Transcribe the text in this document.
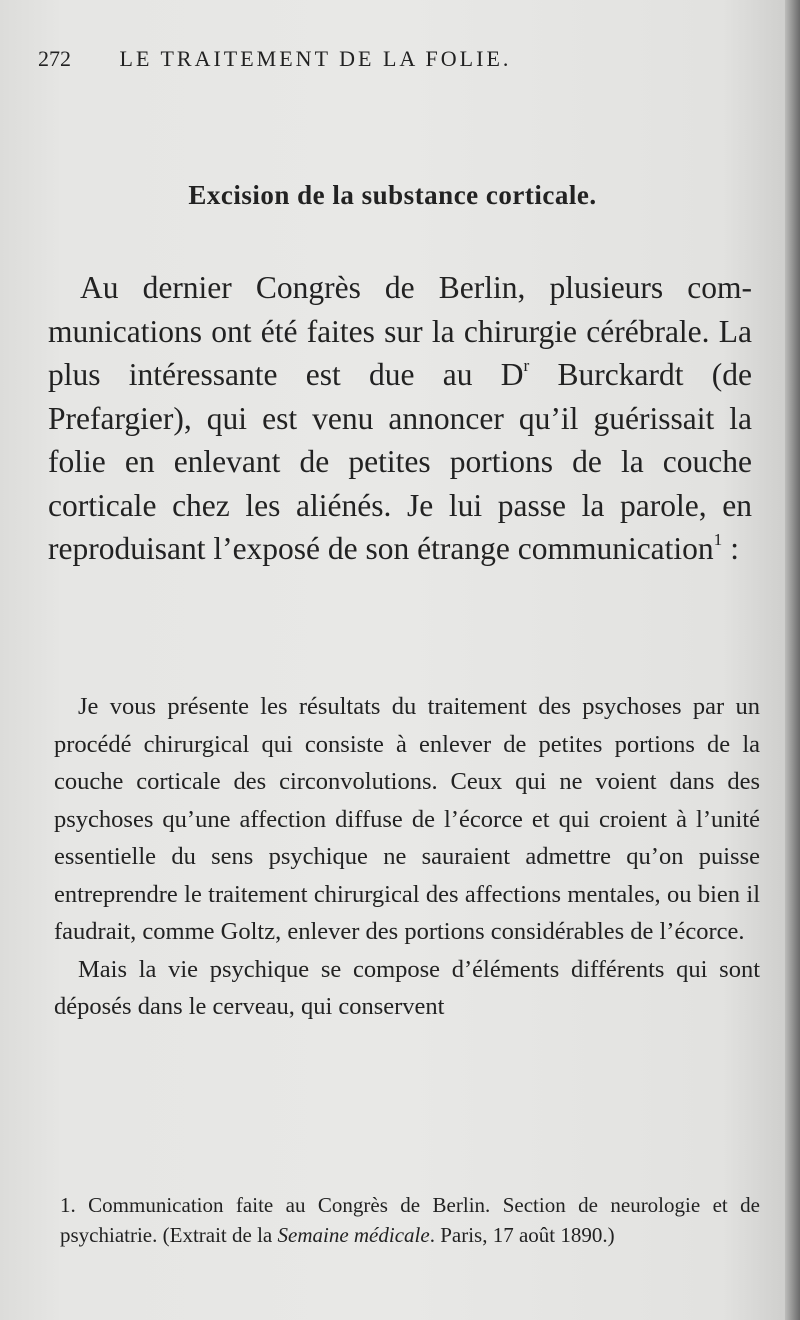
272 LE TRAITEMENT DE LA FOLIE.
Excision de la substance corticale.

Au dernier Congrès de Berlin, plusieurs communications ont été faites sur la chirurgie cérébrale. La plus intéressante est due au $D^r$ Burckardt (de Prefargier), qui est venu annoncer qu’il guérissait la folie en enlevant de petites portions de la couche corticale chez les aliénés. Je lui passe la parole, en reproduisant l’exposé de son étrange communication$^1$ :

Je vous présente les résultats du traitement des psychoses par un procédé chirurgical qui consiste à enlever de petites portions de la couche corticale des circonvolutions. Ceux qui ne voient dans des psychoses qu’une affection diffuse de l’écorce et qui croient à l’unité essentielle du sens psychique ne sauraient admettre qu’on puisse entreprendre le traitement chirurgical des affections mentales, ou bien il faudrait, comme Goltz, enlever des portions considérables de l’écorce.

Mais la vie psychique se compose d’éléments différents qui sont déposés dans le cerveau, qui conservent

1. Communication faite au Congrès de Berlin. Section de neurologie et de psychiatrie. (Extrait de la Semaine médicale. Paris, 17 août 1890.)
